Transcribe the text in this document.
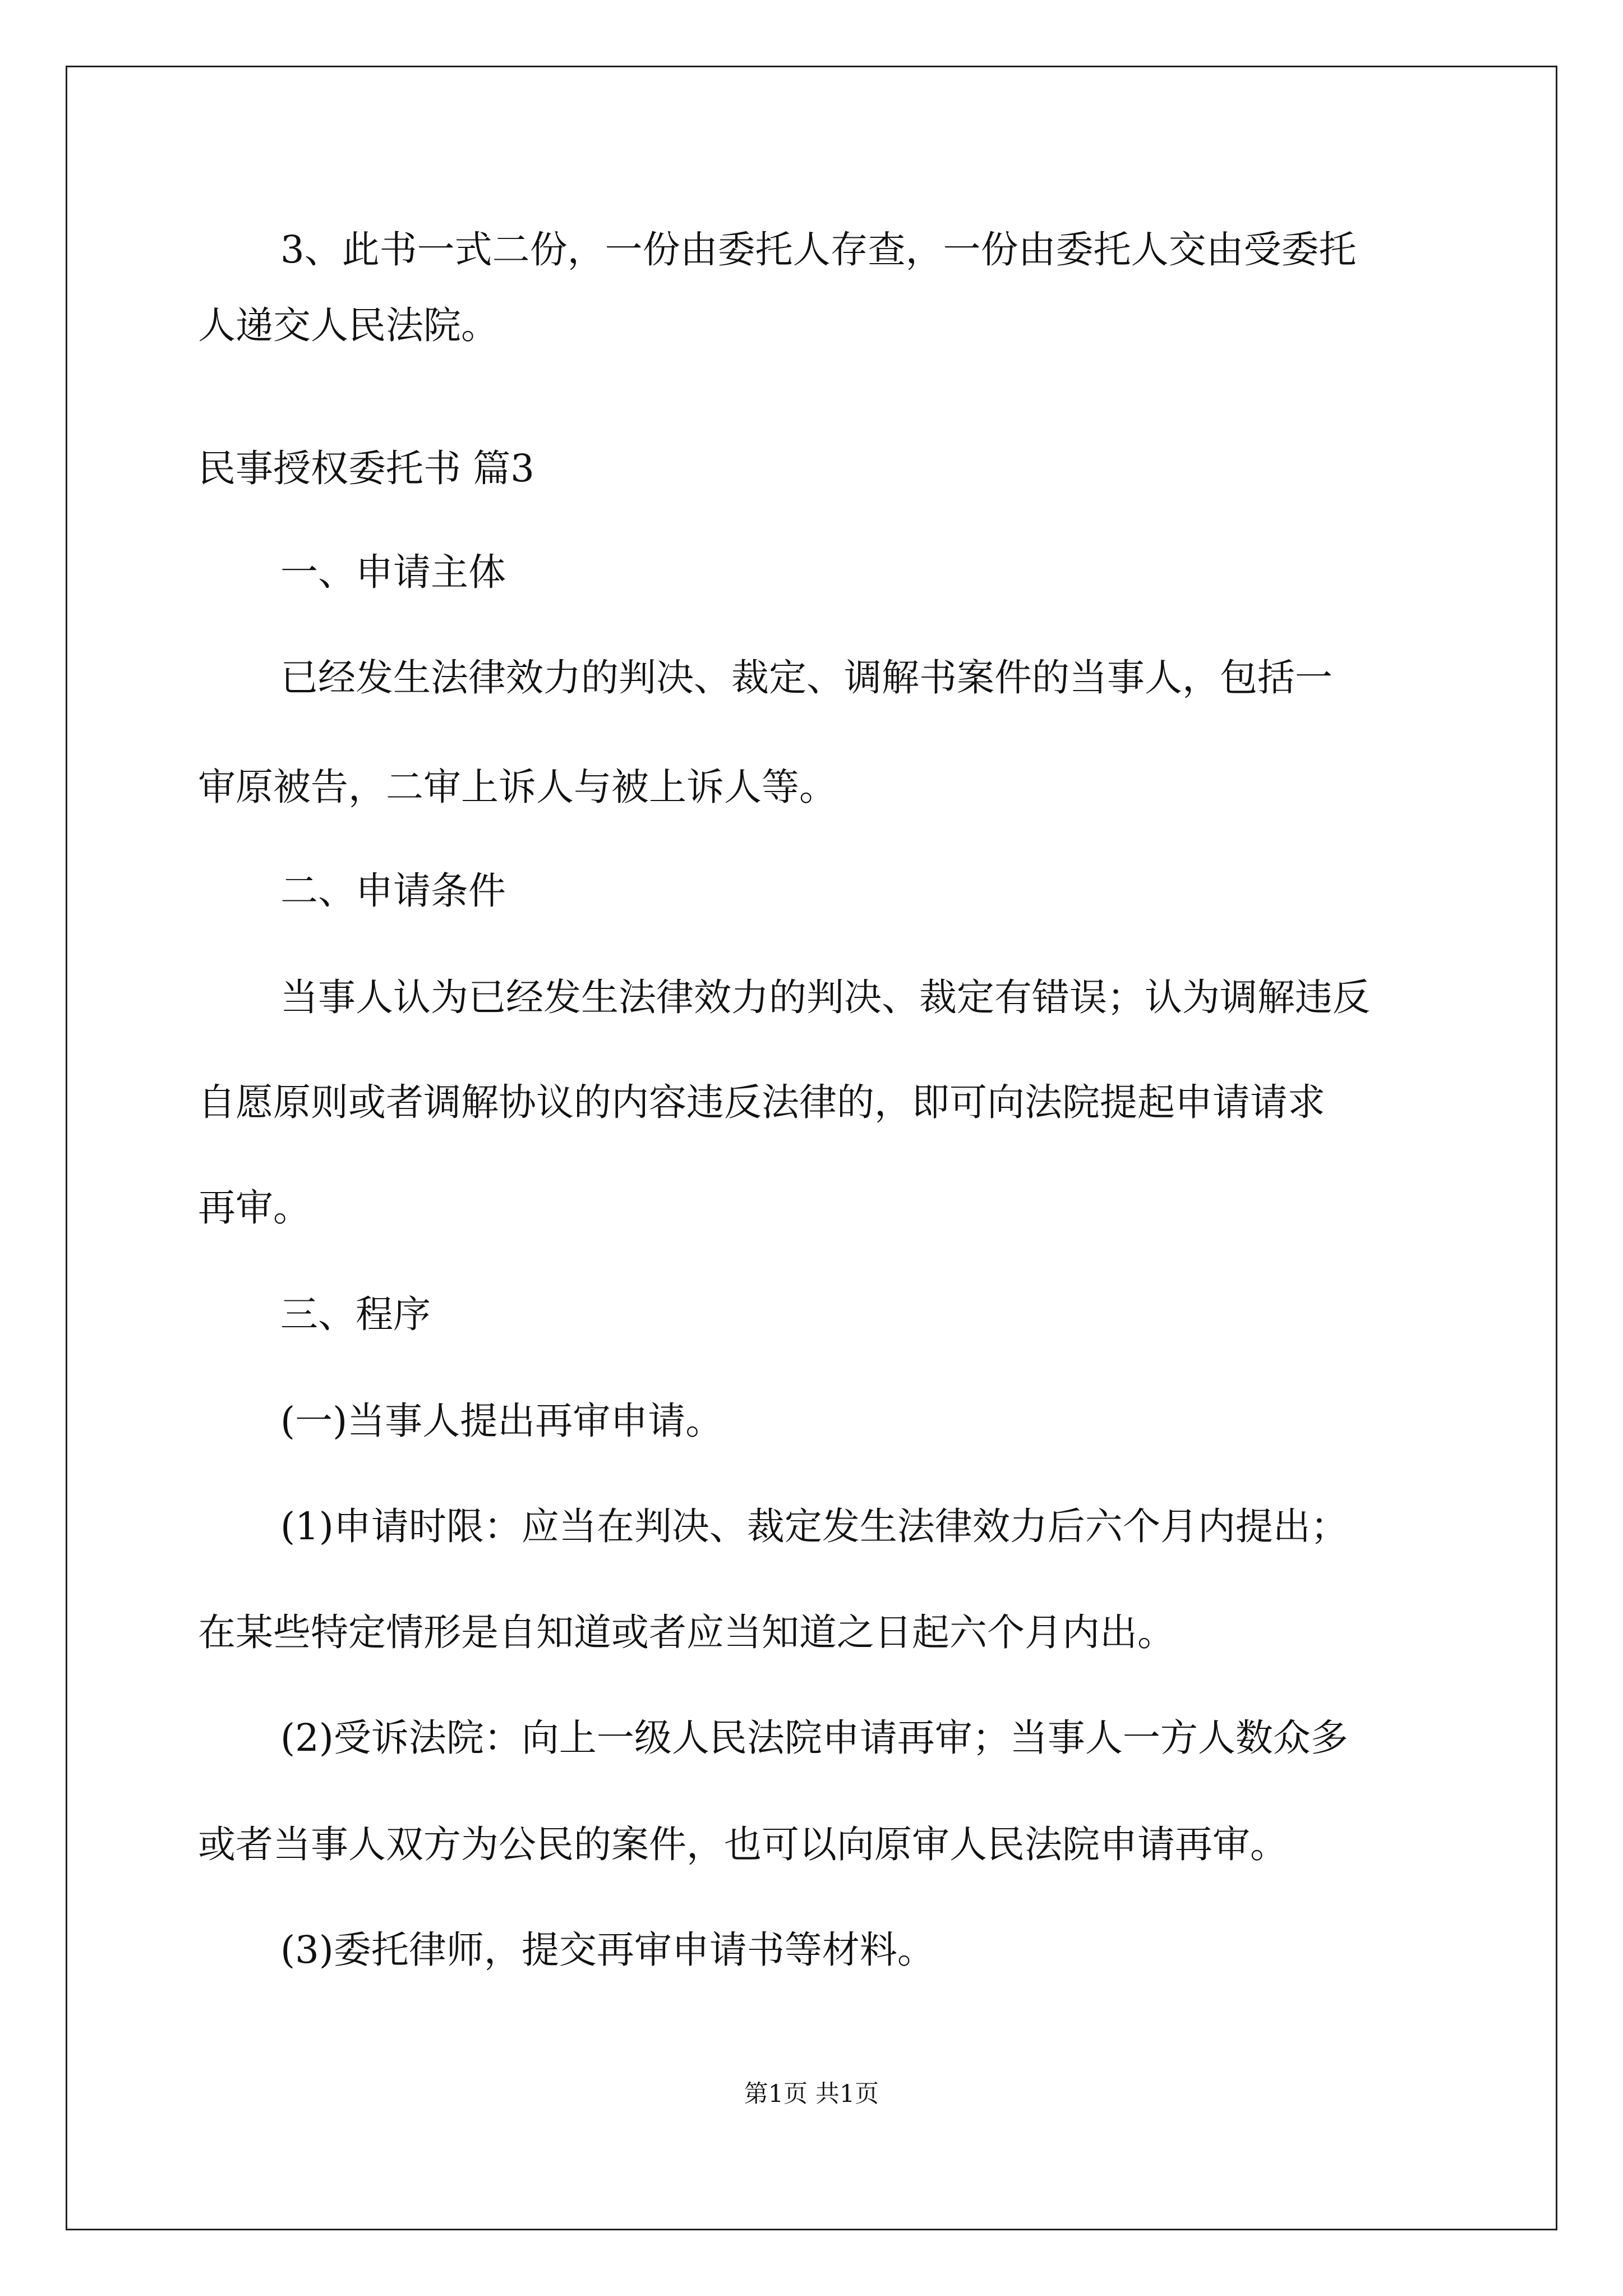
3、此书一式二份，一份由委托人存查，一份由委托人交由受委托
人递交人民法院。
民事授权委托书 篇3
一、申请主体
已经发生法律效力的判决、裁定、调解书案件的当事人，包括一
审原被告，二审上诉人与被上诉人等。
二、申请条件
当事人认为已经发生法律效力的判决、裁定有错误；认为调解违反
自愿原则或者调解协议的内容违反法律的，即可向法院提起申请请求
再审。
三、程序
(一)当事人提出再审申请。
(1)申请时限：应当在判决、裁定发生法律效力后六个月内提出；
在某些特定情形是自知道或者应当知道之日起六个月内出。
(2)受诉法院：向上一级人民法院申请再审；当事人一方人数众多
或者当事人双方为公民的案件，也可以向原审人民法院申请再审。
(3)委托律师，提交再审申请书等材料。
第1页 共1页
